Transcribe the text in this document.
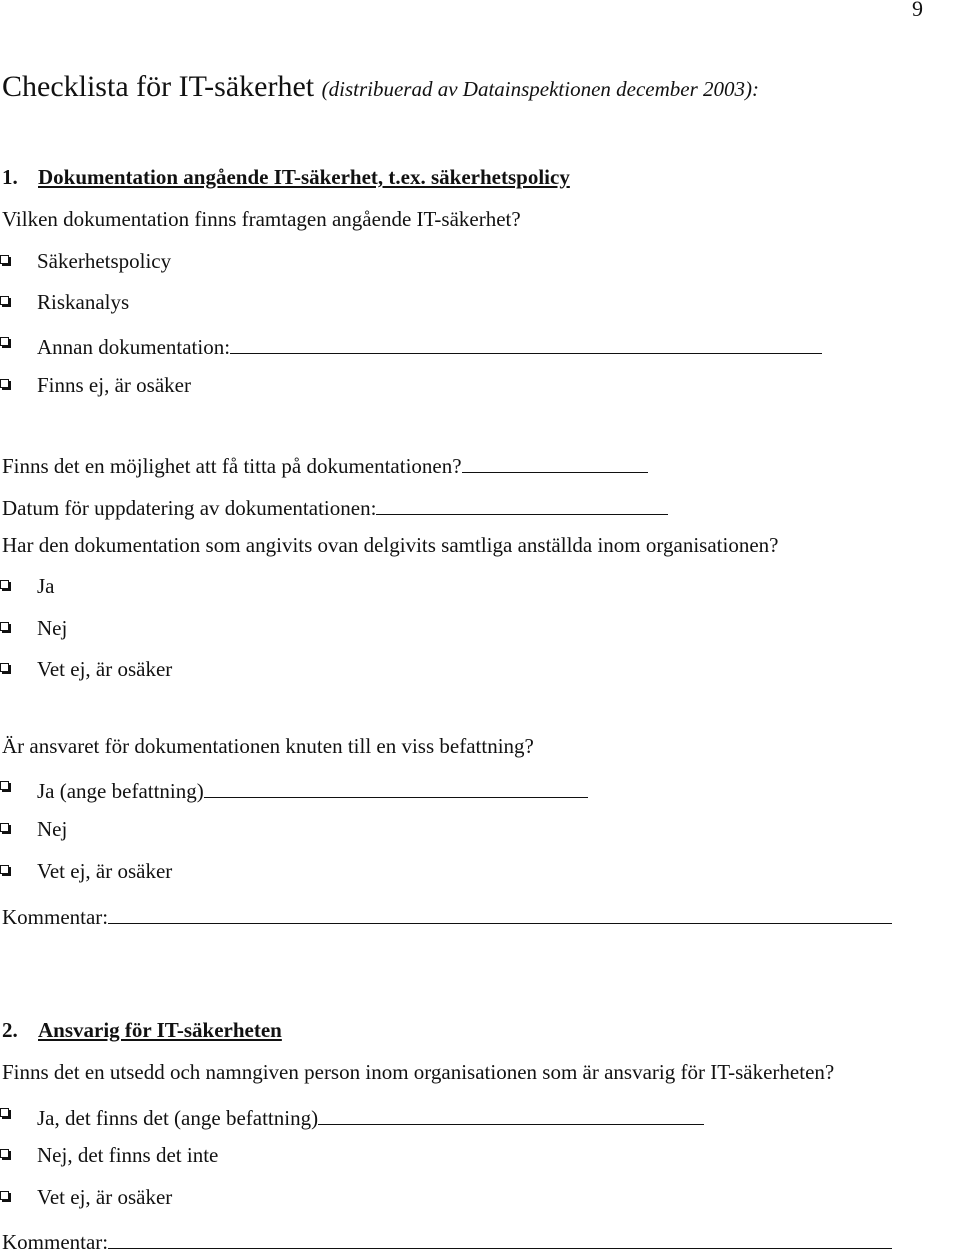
9
Checklista för IT-säkerhet (distribuerad av Datainspektionen december 2003):
1. Dokumentation angående IT-säkerhet, t.ex. säkerhetspolicy
Vilken dokumentation finns framtagen angående IT-säkerhet?
Säkerhetspolicy
Riskanalys
Annan dokumentation:
Finns ej, är osäker
Finns det en möjlighet att få titta på dokumentationen?
Datum för uppdatering av dokumentationen:
Har den dokumentation som angivits ovan delgivits samtliga anställda inom organisationen?
Ja
Nej
Vet ej, är osäker
Är ansvaret för dokumentationen knuten till en viss befattning?
Ja (ange befattning)
Nej
Vet ej, är osäker
Kommentar:
2. Ansvarig för IT-säkerheten
Finns det en utsedd och namngiven person inom organisationen som är ansvarig för IT-säkerheten?
Ja, det finns det (ange befattning)
Nej, det finns det inte
Vet ej, är osäker
Kommentar:
